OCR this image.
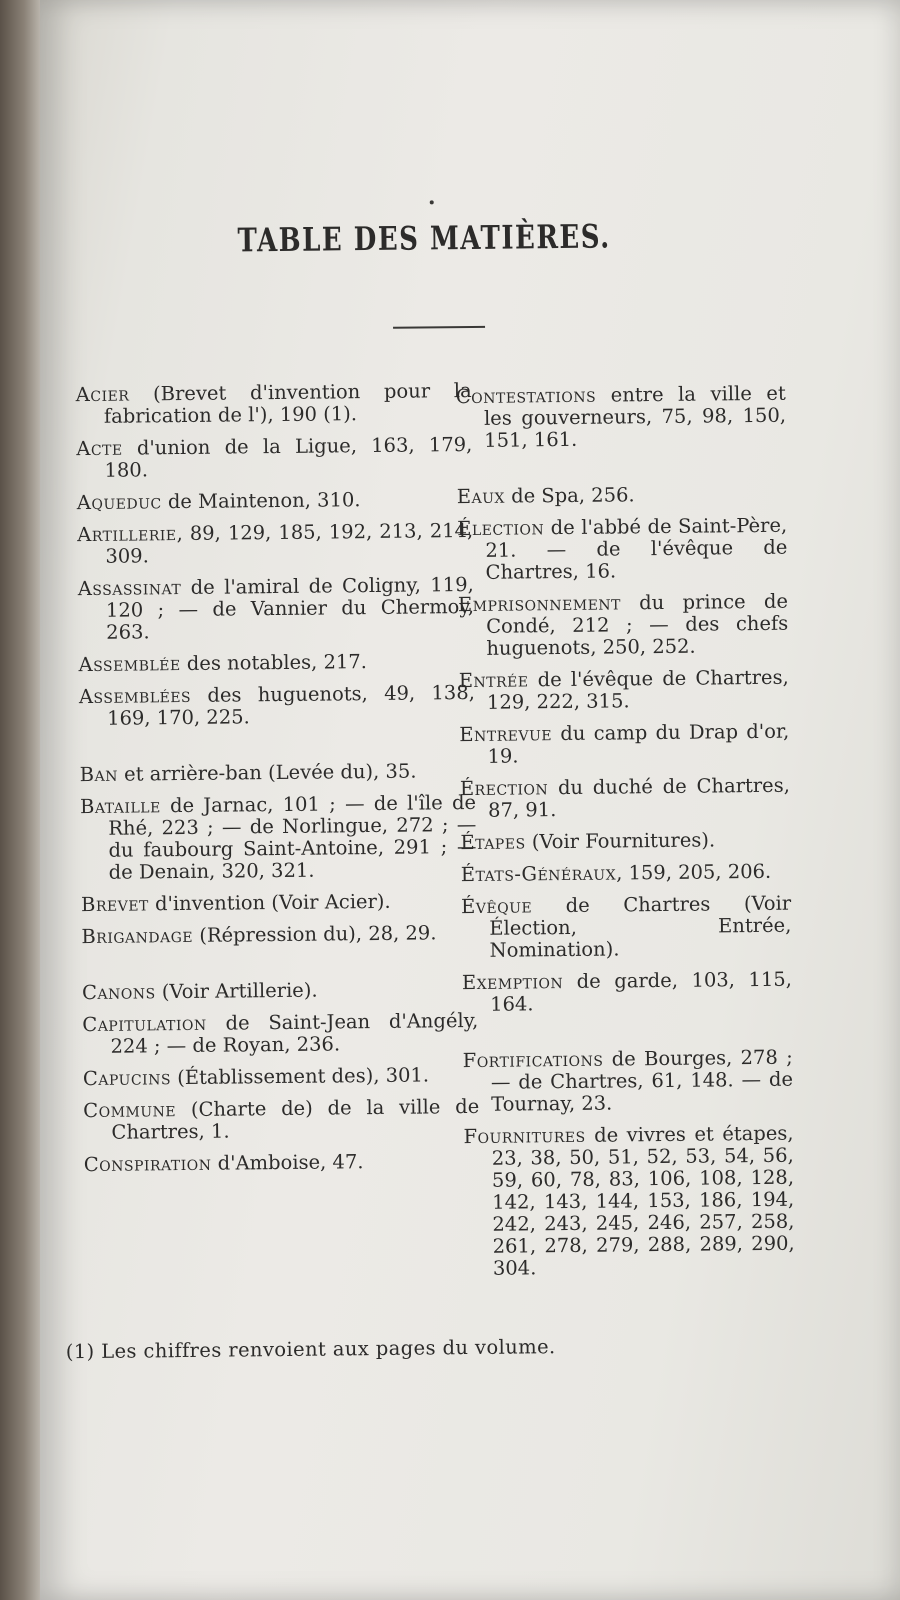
TABLE DES MATIÈRES.
Acier (Brevet d'invention pour la fabrication de l'), 190 (1).
Acte d'union de la Ligue, 163, 179, 180.
Aqueduc de Maintenon, 310.
Artillerie, 89, 129, 185, 192, 213, 214, 309.
Assassinat de l'amiral de Coligny, 119, 120 ; — de Vannier du Chermoy, 263.
Assemblée des notables, 217.
Assemblées des huguenots, 49, 138, 169, 170, 225.
Ban et arrière-ban (Levée du), 35.
Bataille de Jarnac, 101 ; — de l'île de Rhé, 223 ; — de Norlingue, 272 ; — du faubourg Saint-Antoine, 291 ; — de Denain, 320, 321.
Brevet d'invention (Voir Acier).
Brigandage (Répression du), 28, 29.
Canons (Voir Artillerie).
Capitulation de Saint-Jean d'Angély, 224 ; — de Royan, 236.
Capucins (Établissement des), 301.
Commune (Charte de) de la ville de Chartres, 1.
Conspiration d'Amboise, 47.
Contestations entre la ville et les gouverneurs, 75, 98, 150, 151, 161.
Eaux de Spa, 256.
Élection de l'abbé de Saint-Père, 21. — de l'évêque de Chartres, 16.
Emprisonnement du prince de Condé, 212 ; — des chefs huguenots, 250, 252.
Entrée de l'évêque de Chartres, 129, 222, 315.
Entrevue du camp du Drap d'or, 19.
Érection du duché de Chartres, 87, 91.
Étapes (Voir Fournitures).
États-Généraux, 159, 205, 206.
Évêque de Chartres (Voir Élection, Entrée, Nomination).
Exemption de garde, 103, 115, 164.
Fortifications de Bourges, 278 ; — de Chartres, 61, 148. — de Tournay, 23.
Fournitures de vivres et étapes, 23, 38, 50, 51, 52, 53, 54, 56, 59, 60, 78, 83, 106, 108, 128, 142, 143, 144, 153, 186, 194, 242, 243, 245, 246, 257, 258, 261, 278, 279, 288, 289, 290, 304.
(1) Les chiffres renvoient aux pages du volume.
